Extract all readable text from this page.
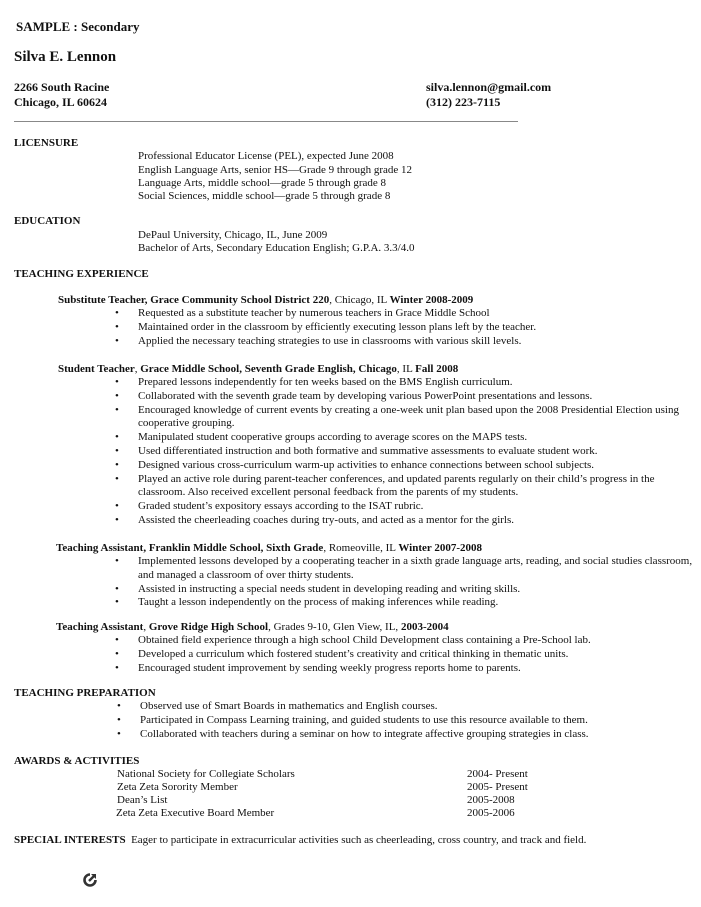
SAMPLE : Secondary
Silva E. Lennon
2266 South Racine
Chicago, IL 60624
silva.lennon@gmail.com
(312) 223-7115
LICENSURE
Professional Educator License (PEL), expected June 2008
English Language Arts, senior HS—Grade 9 through grade 12
Language Arts, middle school—grade 5 through grade 8
Social Sciences, middle school—grade 5 through grade 8
EDUCATION
DePaul University, Chicago, IL, June 2009
Bachelor of Arts, Secondary Education English; G.P.A. 3.3/4.0
TEACHING EXPERIENCE
Substitute Teacher, Grace Community School District 220, Chicago, IL Winter 2008-2009
• Requested as a substitute teacher by numerous teachers in Grace Middle School
• Maintained order in the classroom by efficiently executing lesson plans left by the teacher.
• Applied the necessary teaching strategies to use in classrooms with various skill levels.
Student Teacher, Grace Middle School, Seventh Grade English, Chicago, IL Fall 2008
• Prepared lessons independently for ten weeks based on the BMS English curriculum.
• Collaborated with the seventh grade team by developing various PowerPoint presentations and lessons.
• Encouraged knowledge of current events by creating a one-week unit plan based upon the 2008 Presidential Election using cooperative grouping.
• Manipulated student cooperative groups according to average scores on the MAPS tests.
• Used differentiated instruction and both formative and summative assessments to evaluate student work.
• Designed various cross-curriculum warm-up activities to enhance connections between school subjects.
• Played an active role during parent-teacher conferences, and updated parents regularly on their child’s progress in the classroom. Also received excellent personal feedback from the parents of my students.
• Graded student’s expository essays according to the ISAT rubric.
• Assisted the cheerleading coaches during try-outs, and acted as a mentor for the girls.
Teaching Assistant, Franklin Middle School, Sixth Grade, Romeoville, IL Winter 2007-2008
• Implemented lessons developed by a cooperating teacher in a sixth grade language arts, reading, and social studies classroom, and managed a classroom of over thirty students.
• Assisted in instructing a special needs student in developing reading and writing skills.
• Taught a lesson independently on the process of making inferences while reading.
Teaching Assistant, Grove Ridge High School, Grades 9-10, Glen View, IL, 2003-2004
• Obtained field experience through a high school Child Development class containing a Pre-School lab.
• Developed a curriculum which fostered student’s creativity and critical thinking in thematic units.
• Encouraged student improvement by sending weekly progress reports home to parents.
TEACHING PREPARATION
• Observed use of Smart Boards in mathematics and English courses.
• Participated in Compass Learning training, and guided students to use this resource available to them.
• Collaborated with teachers during a seminar on how to integrate affective grouping strategies in class.
AWARDS & ACTIVITIES
National Society for Collegiate Scholars	2004- Present
Zeta Zeta Sorority Member	2005- Present
Dean’s List	2005-2008
Zeta Zeta Executive Board Member	2005-2006
SPECIAL INTERESTS Eager to participate in extracurricular activities such as cheerleading, cross country, and track and field.
